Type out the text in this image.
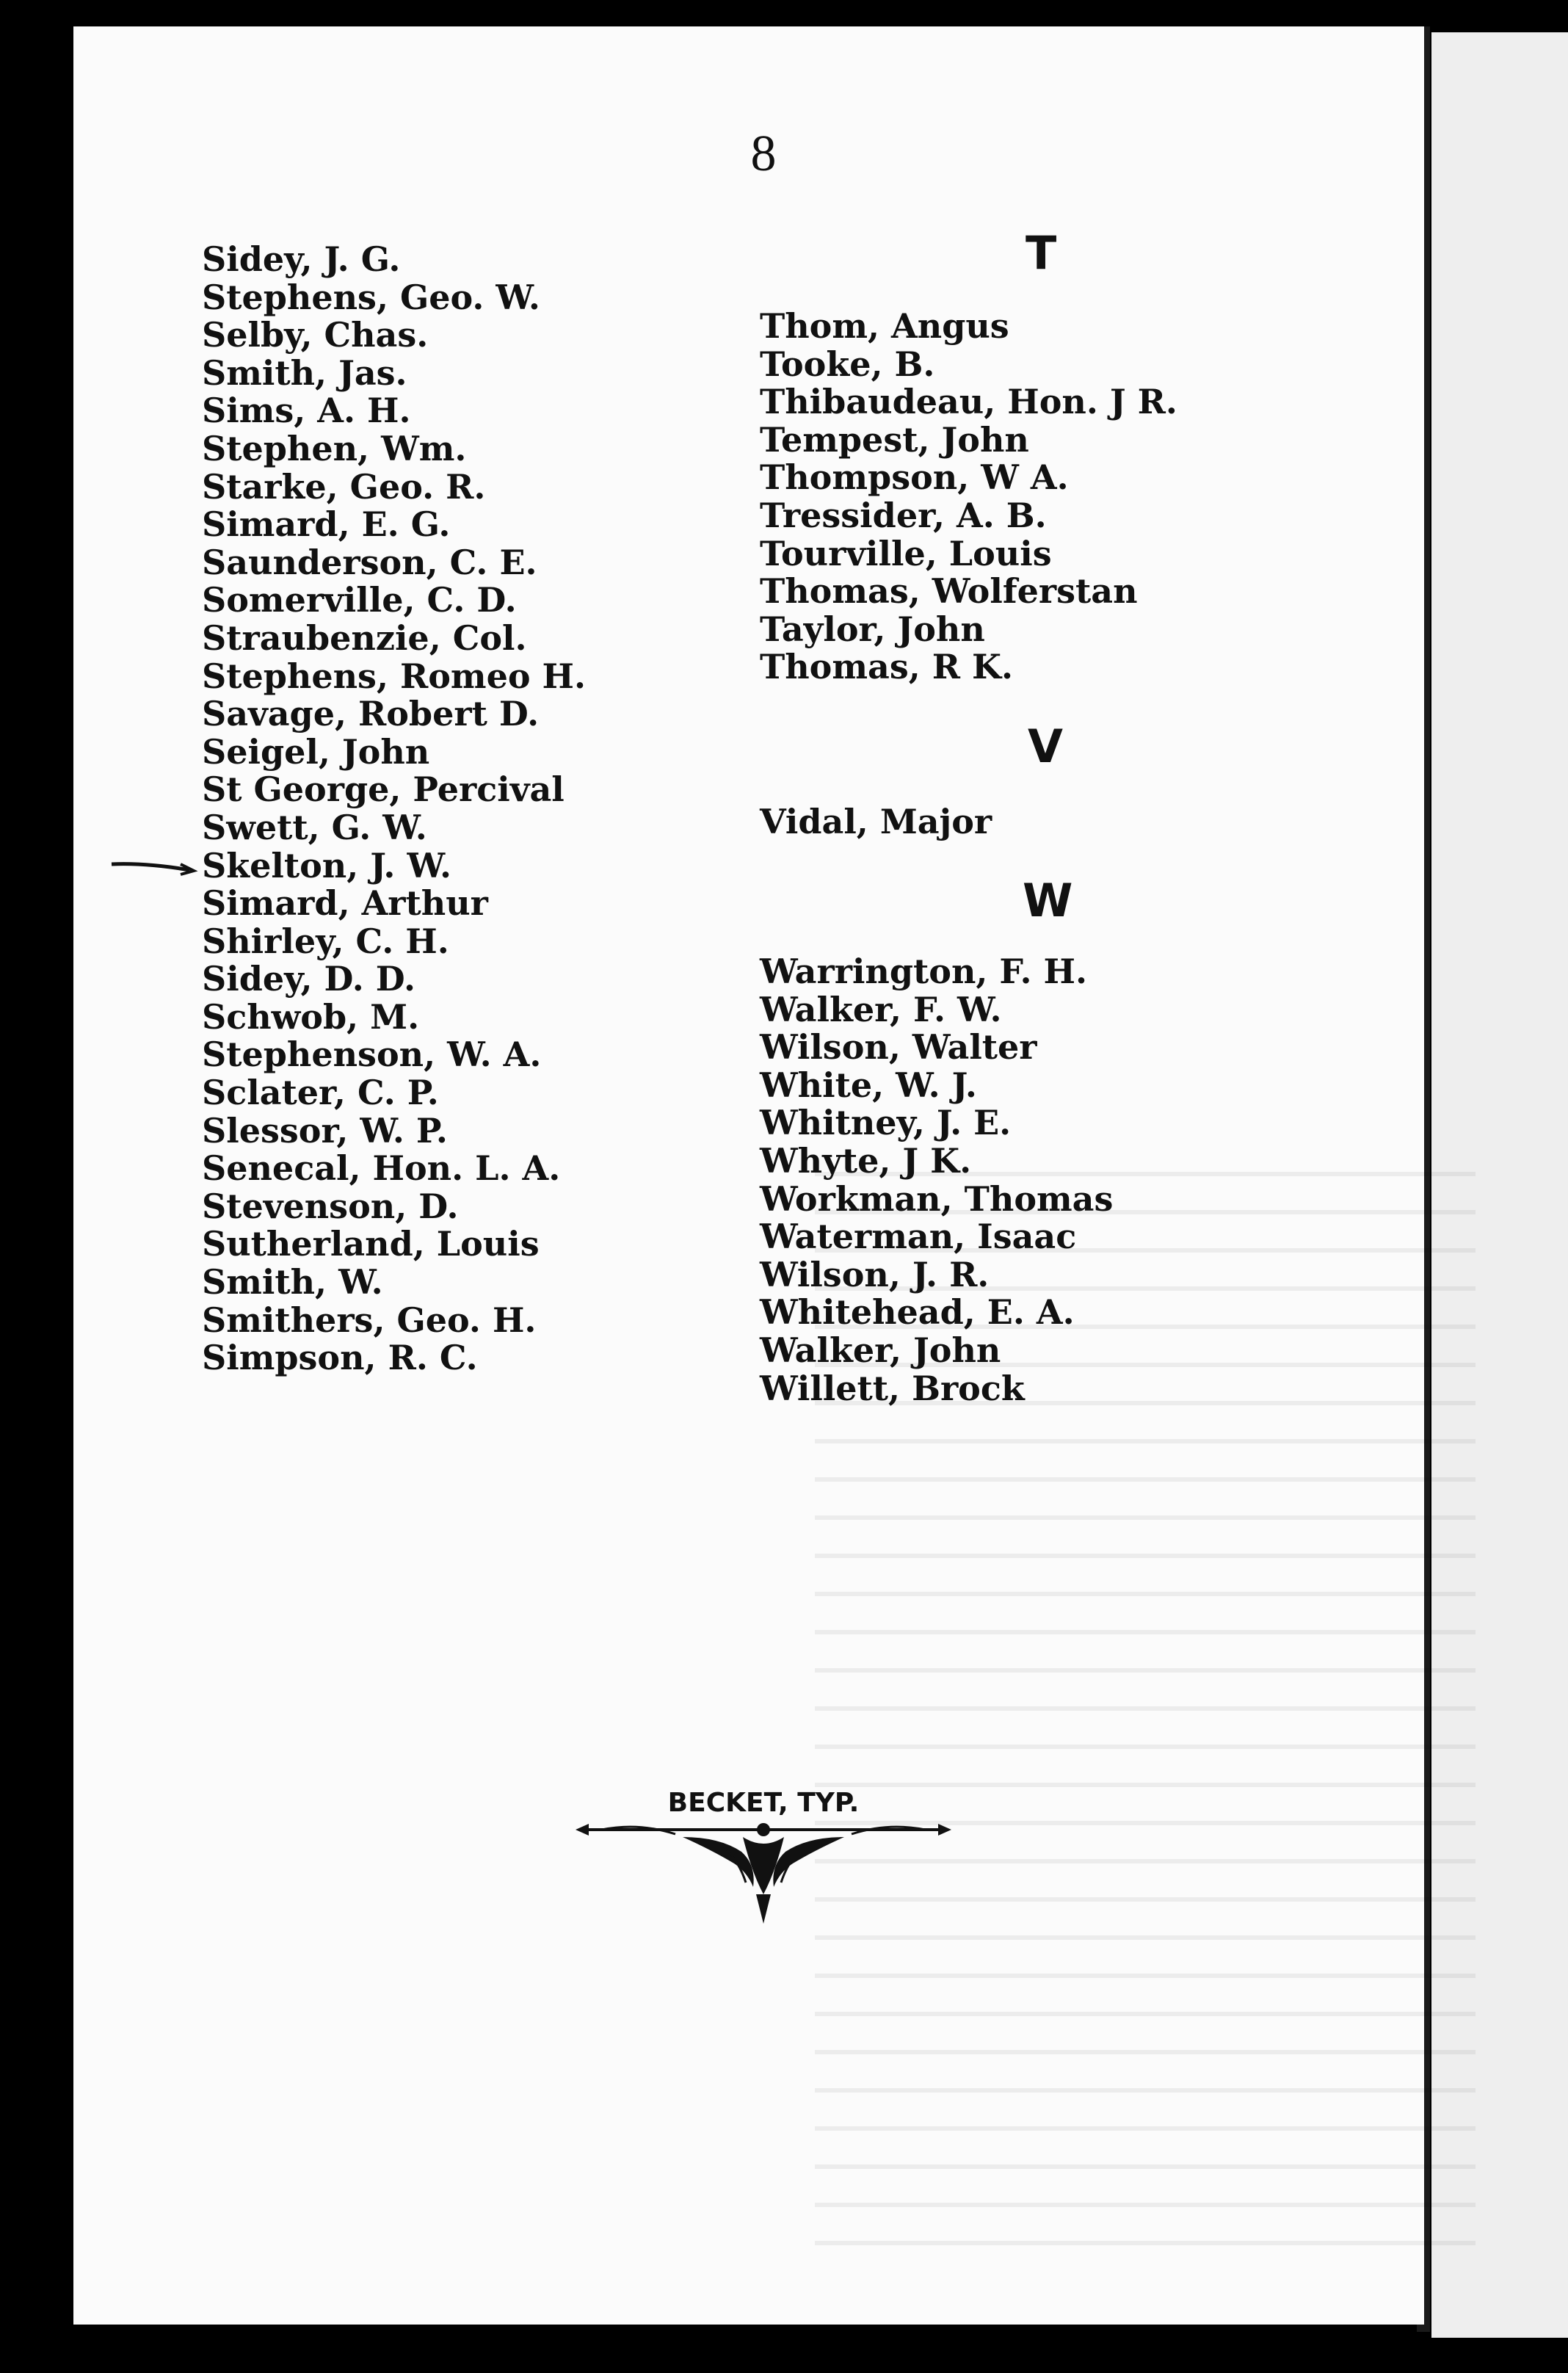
8
Sidey, J. G.
Stephens, Geo. W.
Selby, Chas.
Smith, Jas.
Sims, A. H.
Stephen, Wm.
Starke, Geo. R.
Simard, E. G.
Saunderson, C. E.
Somerville, C. D.
Straubenzie, Col.
Stephens, Romeo H.
Savage, Robert D.
Seigel, John
St George, Percival
Swett, G. W.
Skelton, J. W.
Simard, Arthur
Shirley, C. H.
Sidey, D. D.
Schwob, M.
Stephenson, W. A.
Sclater, C. P.
Slessor, W. P.
Senecal, Hon. L. A.
Stevenson, D.
Sutherland, Louis
Smith, W.
Smithers, Geo. H.
Simpson, R. C.
T
Thom, Angus
Tooke, B.
Thibaudeau, Hon. J R.
Tempest, John
Thompson, W A.
Tressider, A. B.
Tourville, Louis
Thomas, Wolferstan
Taylor, John
Thomas, R K.
V
Vidal, Major
W
Warrington, F. H.
Walker, F. W.
Wilson, Walter
White, W. J.
Whitney, J. E.
Whyte, J K.
Workman, Thomas
Waterman, Isaac
Wilson, J. R.
Whitehead, E. A.
Walker, John
Willett, Brock
BECKET, TYP.
